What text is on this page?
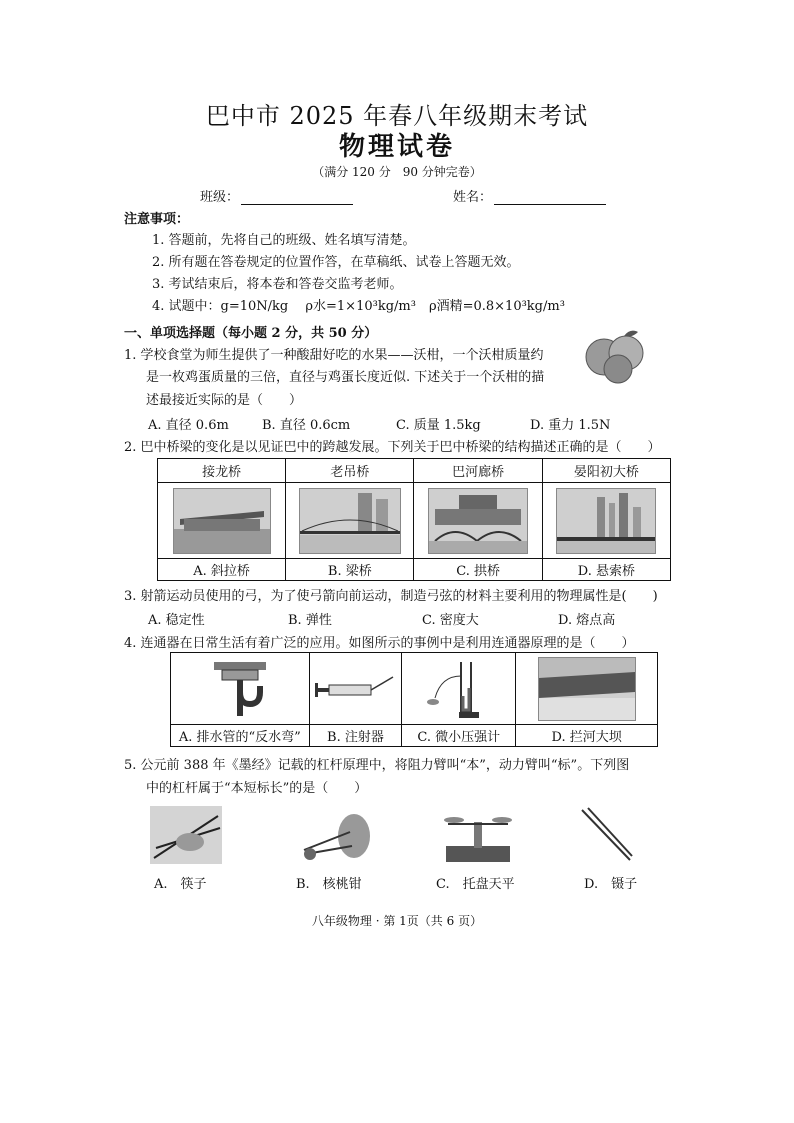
巴中市 2025 年春八年级期末考试
物理试卷
（满分 120 分　90 分钟完卷）
班级：	姓名：
注意事项：
1. 答题前，先将自己的班级、姓名填写清楚。
2. 所有题在答卷规定的位置作答，在草稿纸、试卷上答题无效。
3. 考试结束后，将本卷和答卷交监考老师。
4. 试题中：g=10N/kg　 ρ水=1×10³kg/m³　ρ酒精=0.8×10³kg/m³
一、单项选择题（每小题 2 分，共 50 分）
1. 学校食堂为师生提供了一种酸甜好吃的水果——沃柑，一个沃柑质量约
是一枚鸡蛋质量的三倍，直径与鸡蛋长度近似. 下述关于一个沃柑的描
述最接近实际的是（　　）
A. 直径 0.6m	B. 直径 0.6cm	C. 质量 1.5kg	D. 重力 1.5N
2. 巴中桥梁的变化是以见证巴中的跨越发展。下列关于巴中桥梁的结构描述正确的是（　　）
接龙桥	老吊桥	巴河廊桥	晏阳初大桥

A. 斜拉桥	B. 梁桥	C. 拱桥	D. 悬索桥
3. 射箭运动员使用的弓，为了使弓箭向前运动，制造弓弦的材料主要利用的物理属性是(　　)
A. 稳定性	B. 弹性	C. 密度大	D. 熔点高
4. 连通器在日常生活有着广泛的应用。如图所示的事例中是利用连通器原理的是（　　）

A. 排水管的“反水弯”	B. 注射器	C. 微小压强计	D. 拦河大坝
5. 公元前 388 年《墨经》记载的杠杆原理中，将阻力臂叫“本”，动力臂叫“标”。下列图
中的杠杆属于“本短标长”的是（　　）
A.　筷子	B.　核桃钳	C.　托盘天平	D.　镊子
八年级物理 · 第 1页（共 6 页）
